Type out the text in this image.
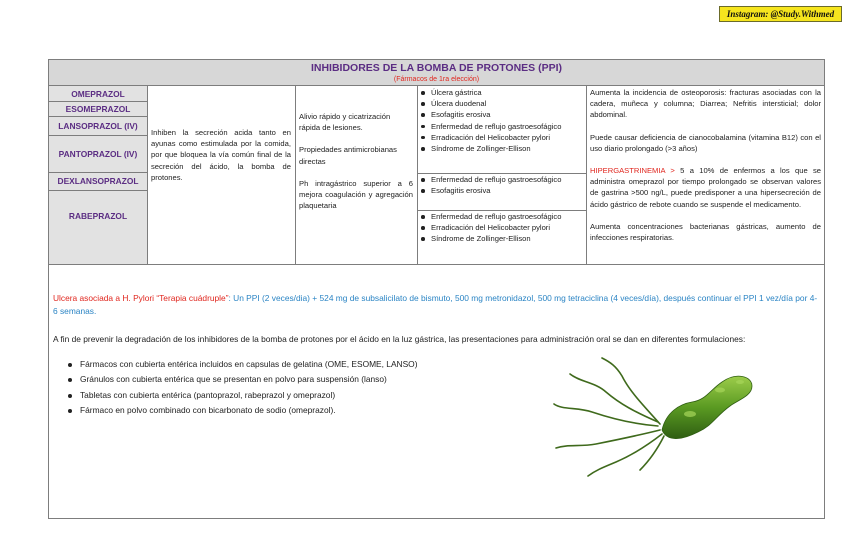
Instagram: @Study.Withmed
INHIBIDORES DE LA BOMBA DE PROTONES (PPI)
(Fármacos de 1ra elección)
OMEPRAZOL
ESOMEPRAZOL
LANSOPRAZOL (IV)
PANTOPRAZOL (IV)
DEXLANSOPRAZOL
RABEPRAZOL
Inhiben la secreción acida tanto en ayunas como estimulada por la comida, por que bloquea la vía común final de la secreción del ácido, la bomba de protones.
Alivio rápido y cicatrización rápida de lesiones.
Propiedades antimicrobianas directas
Ph intragástrico superior a 6 mejora coagulación y agregación plaquetaria
Úlcera gástrica
Úlcera duodenal
Esofagitis erosiva
Enfermedad de reflujo gastroesofágico
Erradicación del Helicobacter pylori
Síndrome de Zollinger-Ellison
Enfermedad de reflujo gastroesofágico
Esofagitis erosiva
Enfermedad de reflujo gastroesofágico
Erradicación del Helicobacter pylori
Síndrome de Zollinger-Ellison
Aumenta la incidencia de osteoporosis: fracturas asociadas con la cadera, muñeca y columna; Diarrea; Nefritis intersticial; dolor abdominal.
Puede causar deficiencia de cianocobalamina (vitamina B12) con el uso diario prolongado (>3 años)
HIPERGASTRINEMIA > 5 a 10% de enfermos a los que se administra omeprazol por tiempo prolongado se observan valores de gastrina >500 ng/L, puede predisponer a una hipersecreción de ácido gástrico de rebote cuando se suspende el medicamento.
Aumenta concentraciones bacterianas gástricas, aumento de infecciones respiratorias.
Ulcera asociada a H. Pylori “Terapia cuádruple”: Un PPI (2 veces/dia) + 524 mg de subsalicilato de bismuto, 500 mg metronidazol, 500 mg tetraciclina (4 veces/día), después continuar el PPI 1 vez/día por 4-6 semanas.
A fin de prevenir la degradación de los inhibidores de la bomba de protones por el ácido en la luz gástrica, las presentaciones para administración oral se dan en diferentes formulaciones:
Fármacos con cubierta entérica incluidos en capsulas de gelatina (OME, ESOME, LANSO)
Gránulos con cubierta entérica que se presentan en polvo para suspensión (lanso)
Tabletas con cubierta entérica (pantoprazol, rabeprazol y omeprazol)
Fármaco en polvo combinado con bicarbonato de sodio (omeprazol).
